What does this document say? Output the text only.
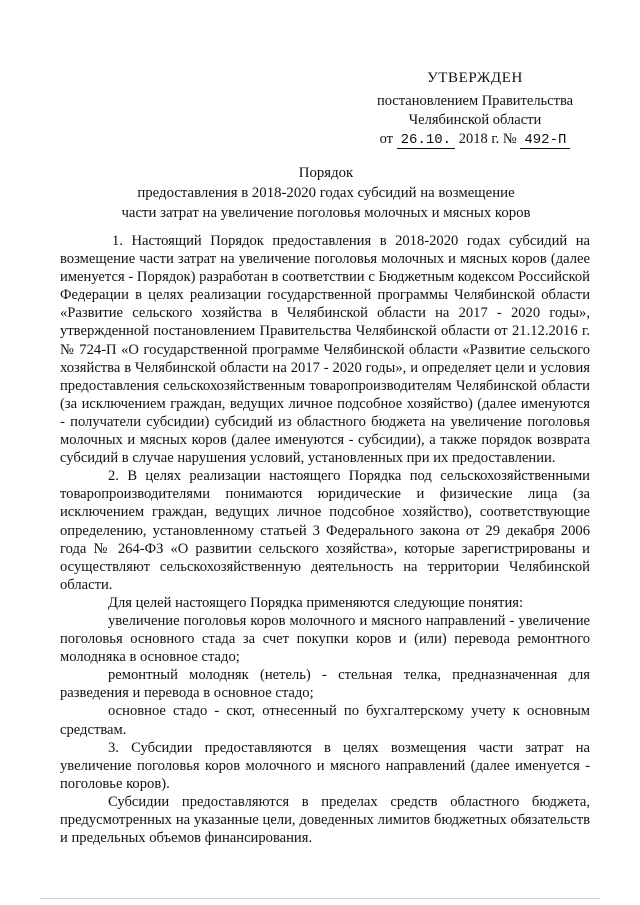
УТВЕРЖДЕН
постановлением Правительства
Челябинской области
от 26.10. 2018 г. № 492-П
Порядок
предоставления в 2018-2020 годах субсидий на возмещение
части затрат на увеличение поголовья молочных и мясных коров

1. Настоящий Порядок предоставления в 2018-2020 годах субсидий на возмещение части затрат на увеличение поголовья молочных и мясных коров (далее именуется - Порядок) разработан в соответствии с Бюджетным кодексом Российской Федерации в целях реализации государственной программы Челябинской области «Развитие сельского хозяйства в Челябинской области на 2017 - 2020 годы», утвержденной постановлением Правительства Челябинской области от 21.12.2016 г. № 724-П «О государственной программе Челябинской области «Развитие сельского хозяйства в Челябинской области на 2017 - 2020 годы», и определяет цели и условия предоставления сельскохозяйственным товаропроизводителям Челябинской области (за исключением граждан, ведущих личное подсобное хозяйство) (далее именуются - получатели субсидии) субсидий из областного бюджета на увеличение поголовья молочных и мясных коров (далее именуются - субсидии), а также порядок возврата субсидий в случае нарушения условий, установленных при их предоставлении.

2. В целях реализации настоящего Порядка под сельскохозяйственными товаропроизводителями понимаются юридические и физические лица (за исключением граждан, ведущих личное подсобное хозяйство), соответствующие определению, установленному статьей 3 Федерального закона от 29 декабря 2006 года № 264-ФЗ «О развитии сельского хозяйства», которые зарегистрированы и осуществляют сельскохозяйственную деятельность на территории Челябинской области.

Для целей настоящего Порядка применяются следующие понятия:

увеличение поголовья коров молочного и мясного направлений - увеличение поголовья основного стада за счет покупки коров и (или) перевода ремонтного молодняка в основное стадо;

ремонтный молодняк (нетель) - стельная телка, предназначенная для разведения и перевода в основное стадо;

основное стадо - скот, отнесенный по бухгалтерскому учету к основным средствам.

3. Субсидии предоставляются в целях возмещения части затрат на увеличение поголовья коров молочного и мясного направлений (далее именуется - поголовье коров).

Субсидии предоставляются в пределах средств областного бюджета, предусмотренных на указанные цели, доведенных лимитов бюджетных обязательств и предельных объемов финансирования.
